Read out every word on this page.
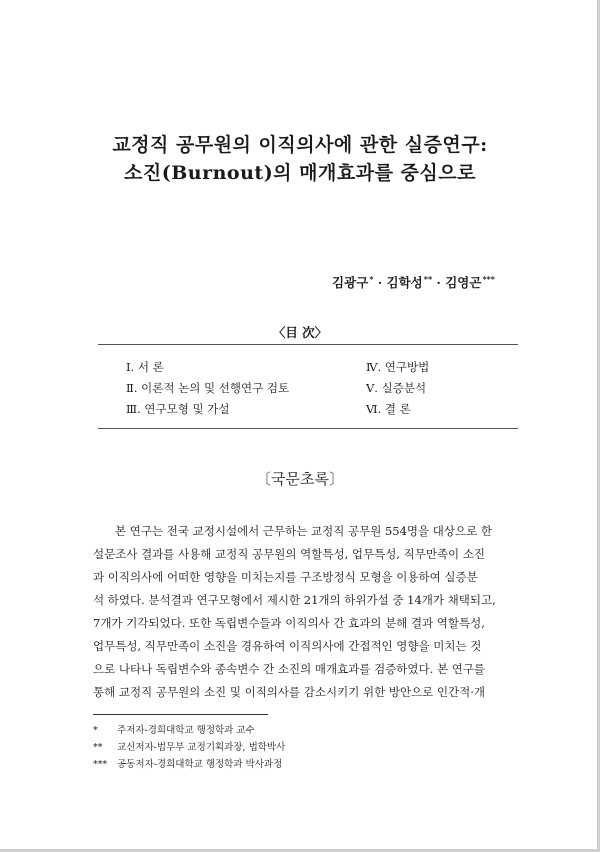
교정직 공무원의 이직의사에 관한 실증연구:
소진(Burnout)의 매개효과를 중심으로
김광구* · 김학성** · 김영곤***
〈目 次〉
Ⅰ. 서 론
Ⅱ. 이론적 논의 및 선행연구 검토
Ⅲ. 연구모형 및 가설
Ⅳ. 연구방법
Ⅴ. 실증분석
Ⅵ. 결 론
〔국문초록〕

본 연구는 전국 교정시설에서 근무하는 교정직 공무원 554명을 대상으로 한
설문조사 결과를 사용해 교정직 공무원의 역할특성, 업무특성, 직무만족이 소진
과 이직의사에 어떠한 영향을 미치는지를 구조방정식 모형을 이용하여 실증분
석 하였다. 분석결과 연구모형에서 제시한 21개의 하위가설 중 14개가 채택되고,
7개가 기각되었다. 또한 독립변수들과 이직의사 간 효과의 분해 결과 역할특성,
업무특성, 직무만족이 소진을 경유하여 이직의사에 간접적인 영향을 미치는 것
으로 나타나 독립변수와 종속변수 간 소진의 매개효과를 검증하였다. 본 연구를
통해 교정직 공무원의 소진 및 이직의사를 감소시키기 위한 방안으로 인간적·개

* 주저자-경희대학교 행정학과 교수
** 교신저자-법무부 교정기획과장, 법학박사
*** 공동저자-경희대학교 행정학과 박사과정
